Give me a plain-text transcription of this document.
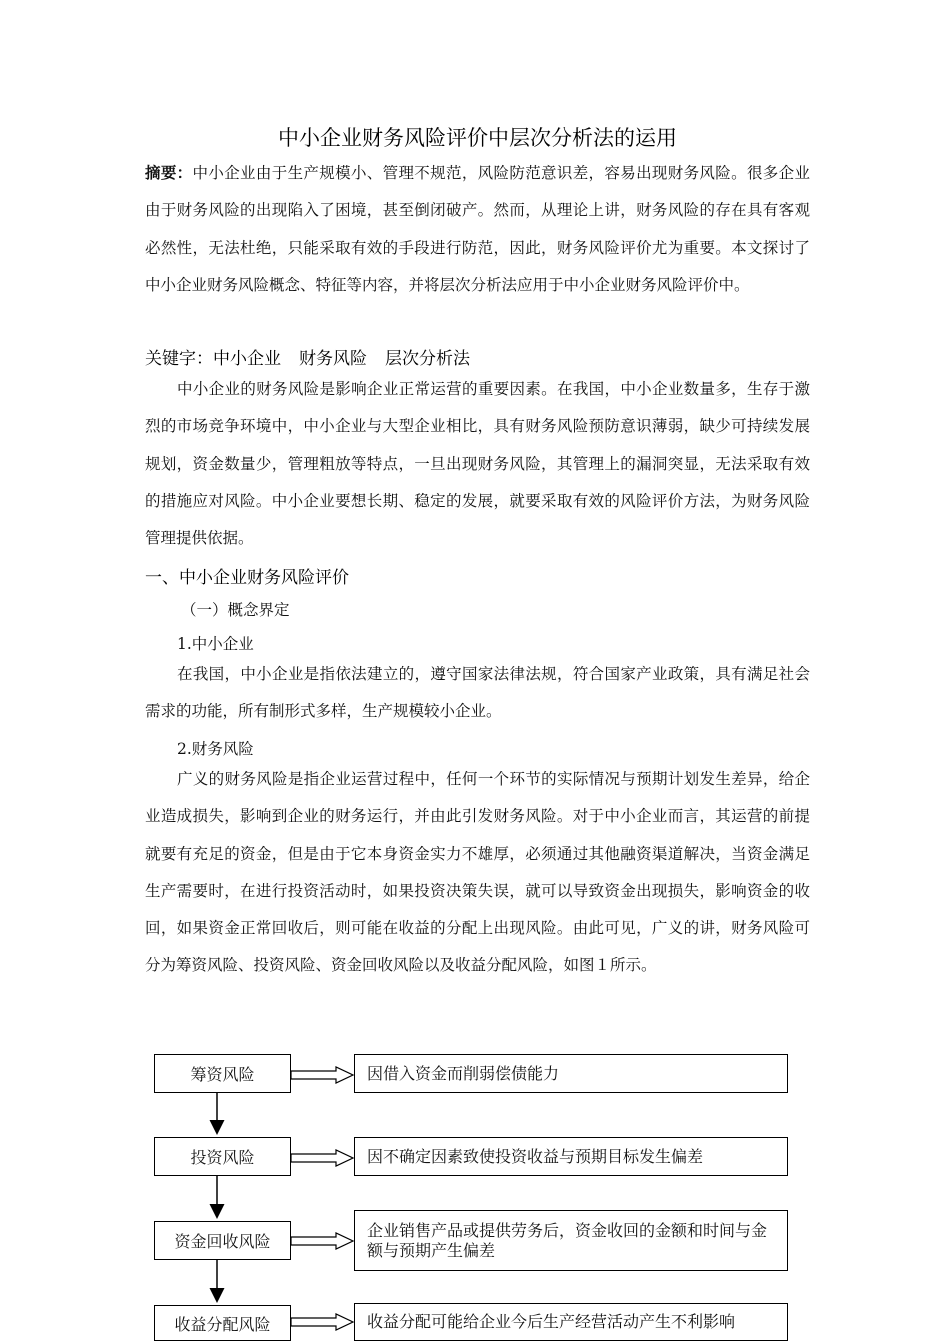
中小企业财务风险评价中层次分析法的运用

摘要：中小企业由于生产规模小、管理不规范，风险防范意识差，容易出现财务风险。很多企业由于财务风险的出现陷入了困境，甚至倒闭破产。然而，从理论上讲，财务风险的存在具有客观必然性，无法杜绝，只能采取有效的手段进行防范，因此，财务风险评价尤为重要。本文探讨了中小企业财务风险概念、特征等内容，并将层次分析法应用于中小企业财务风险评价中。

关键字：中小企业 财务风险 层次分析法

中小企业的财务风险是影响企业正常运营的重要因素。在我国，中小企业数量多，生存于激烈的市场竞争环境中，中小企业与大型企业相比，具有财务风险预防意识薄弱，缺少可持续发展规划，资金数量少，管理粗放等特点，一旦出现财务风险，其管理上的漏洞突显，无法采取有效的措施应对风险。中小企业要想长期、稳定的发展，就要采取有效的风险评价方法，为财务风险管理提供依据。

一、中小企业财务风险评价
（一）概念界定
1.中小企业

在我国，中小企业是指依法建立的，遵守国家法律法规，符合国家产业政策，具有满足社会需求的功能，所有制形式多样，生产规模较小企业。

2.财务风险

广义的财务风险是指企业运营过程中，任何一个环节的实际情况与预期计划发生差异，给企业造成损失，影响到企业的财务运行，并由此引发财务风险。对于中小企业而言，其运营的前提就要有充足的资金，但是由于它本身资金实力不雄厚，必须通过其他融资渠道解决，当资金满足生产需要时，在进行投资活动时，如果投资决策失误，就可以导致资金出现损失，影响资金的收回，如果资金正常回收后，则可能在收益的分配上出现风险。由此可见，广义的讲，财务风险可分为筹资风险、投资风险、资金回收风险以及收益分配风险，如图１所示。

筹资风险	因借入资金而削弱偿债能力
投资风险	因不确定因素致使投资收益与预期目标发生偏差
资金回收风险
企业销售产品或提供劳务后，资金收回的金额和时间与金额与预期产生偏差
收益分配风险	收益分配可能给企业今后生产经营活动产生不利影响
